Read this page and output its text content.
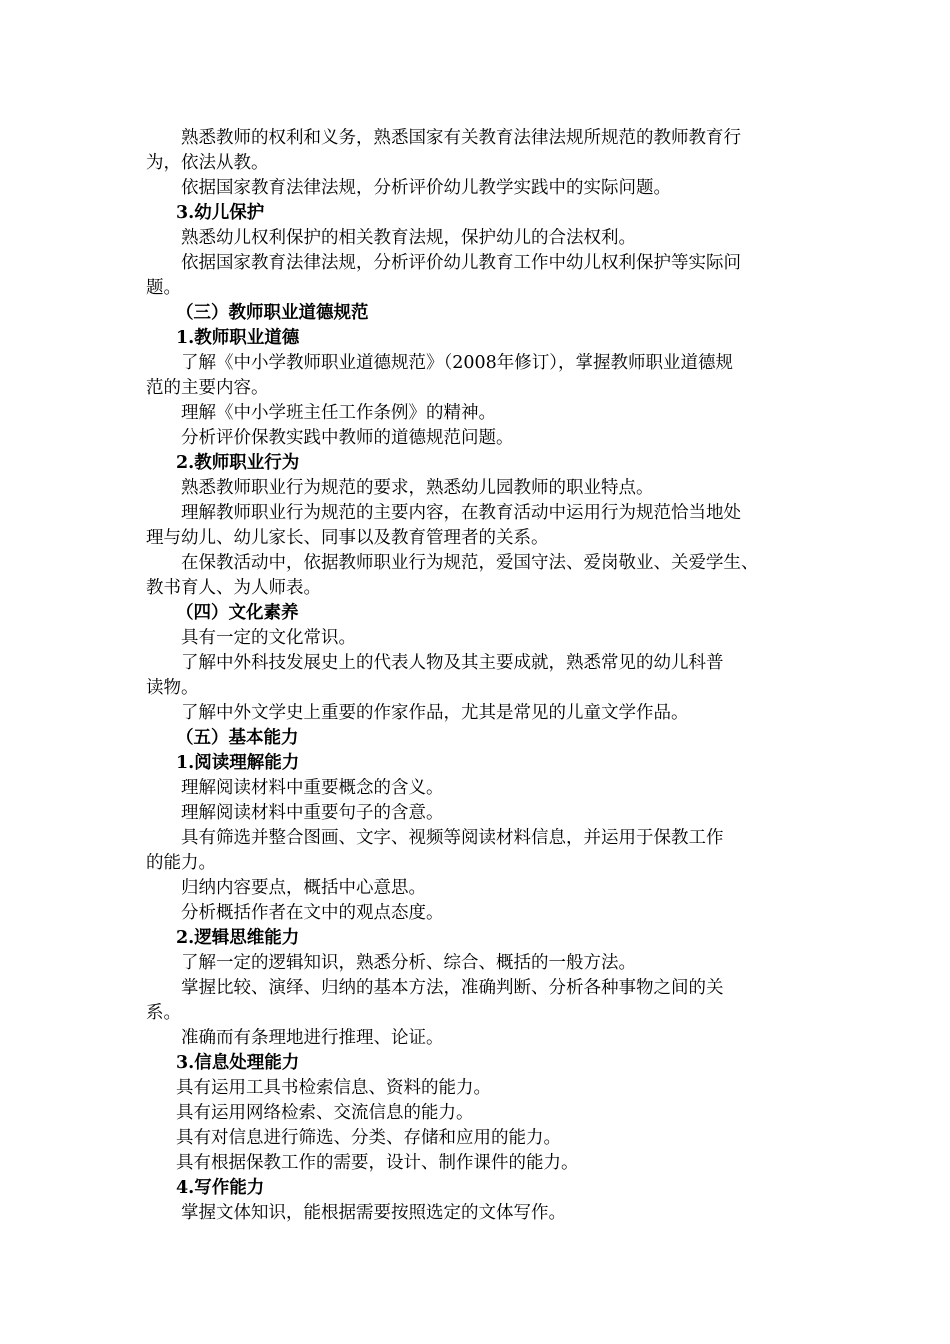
熟悉教师的权利和义务，熟悉国家有关教育法律法规所规范的教师教育行
为，依法从教。
依据国家教育法律法规，分析评价幼儿教学实践中的实际问题。
3.幼儿保护
熟悉幼儿权利保护的相关教育法规，保护幼儿的合法权利。
依据国家教育法律法规，分析评价幼儿教育工作中幼儿权利保护等实际问
题。
（三）教师职业道德规范
1.教师职业道德
了解《中小学教师职业道德规范》（2008年修订），掌握教师职业道德规
范的主要内容。
理解《中小学班主任工作条例》的精神。
分析评价保教实践中教师的道德规范问题。
2.教师职业行为
熟悉教师职业行为规范的要求，熟悉幼儿园教师的职业特点。
理解教师职业行为规范的主要内容，在教育活动中运用行为规范恰当地处
理与幼儿、幼儿家长、同事以及教育管理者的关系。
在保教活动中，依据教师职业行为规范，爱国守法、爱岗敬业、关爱学生、
教书育人、为人师表。
（四）文化素养
具有一定的文化常识。
了解中外科技发展史上的代表人物及其主要成就，熟悉常见的幼儿科普
读物。
了解中外文学史上重要的作家作品，尤其是常见的儿童文学作品。
（五）基本能力
1.阅读理解能力
理解阅读材料中重要概念的含义。
理解阅读材料中重要句子的含意。
具有筛选并整合图画、文字、视频等阅读材料信息，并运用于保教工作
的能力。
归纳内容要点，概括中心意思。
分析概括作者在文中的观点态度。
2.逻辑思维能力
了解一定的逻辑知识，熟悉分析、综合、概括的一般方法。
掌握比较、演绎、归纳的基本方法，准确判断、分析各种事物之间的关
系。
准确而有条理地进行推理、论证。
3.信息处理能力
具有运用工具书检索信息、资料的能力。
具有运用网络检索、交流信息的能力。
具有对信息进行筛选、分类、存储和应用的能力。
具有根据保教工作的需要，设计、制作课件的能力。
4.写作能力
掌握文体知识，能根据需要按照选定的文体写作。
